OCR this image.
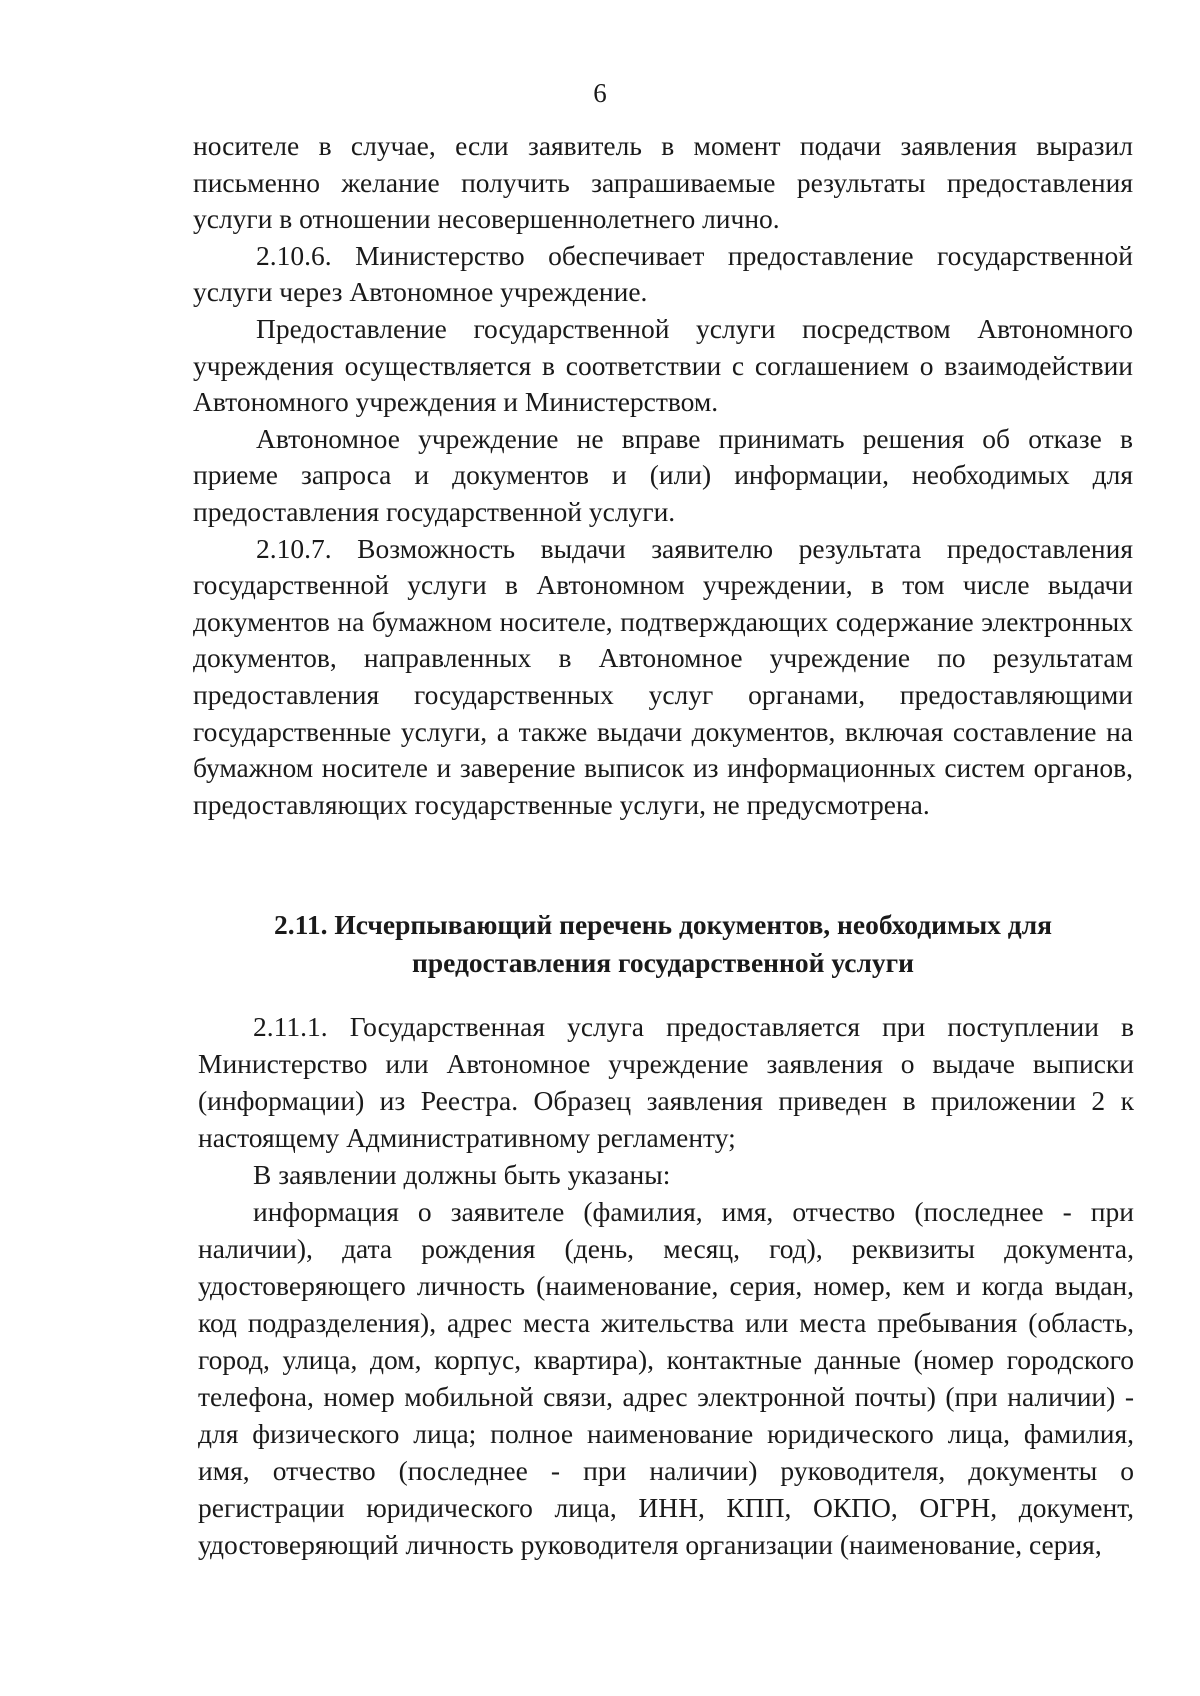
6

носителе в случае, если заявитель в момент подачи заявления выразил письменно желание получить запрашиваемые результаты предоставления услуги в отношении несовершеннолетнего лично.

2.10.6. Министерство обеспечивает предоставление государственной услуги через Автономное учреждение.

Предоставление государственной услуги посредством Автономного учреждения осуществляется в соответствии с соглашением о взаимодействии Автономного учреждения и Министерством.

Автономное учреждение не вправе принимать решения об отказе в приеме запроса и документов и (или) информации, необходимых для предоставления государственной услуги.

2.10.7. Возможность выдачи заявителю результата предоставления государственной услуги в Автономном учреждении, в том числе выдачи документов на бумажном носителе, подтверждающих содержание электронных документов, направленных в Автономное учреждение по результатам предоставления государственных услуг органами, предоставляющими государственные услуги, а также выдачи документов, включая составление на бумажном носителе и заверение выписок из информационных систем органов, предоставляющих государственные услуги, не предусмотрена.

2.11. Исчерпывающий перечень документов, необходимых для предоставления государственной услуги

2.11.1. Государственная услуга предоставляется при поступлении в Министерство или Автономное учреждение заявления о выдаче выписки (информации) из Реестра. Образец заявления приведен в приложении 2 к настоящему Административному регламенту;

В заявлении должны быть указаны:

информация о заявителе (фамилия, имя, отчество (последнее - при наличии), дата рождения (день, месяц, год), реквизиты документа, удостоверяющего личность (наименование, серия, номер, кем и когда выдан, код подразделения), адрес места жительства или места пребывания (область, город, улица, дом, корпус, квартира), контактные данные (номер городского телефона, номер мобильной связи, адрес электронной почты) (при наличии) - для физического лица; полное наименование юридического лица, фамилия, имя, отчество (последнее - при наличии) руководителя, документы о регистрации юридического лица, ИНН, КПП, ОКПО, ОГРН, документ, удостоверяющий личность руководителя организации (наименование, серия,
